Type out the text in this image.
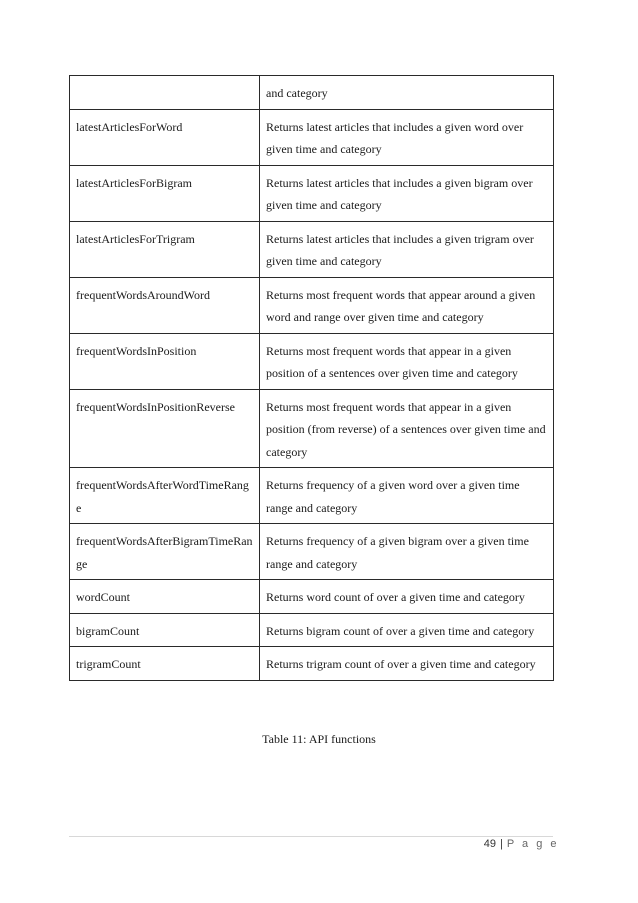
	and category
latestArticlesForWord	Returns latest articles that includes a given word over given time and category
latestArticlesForBigram	Returns latest articles that includes a given bigram over given time and category
latestArticlesForTrigram	Returns latest articles that includes a given trigram over given time and category
frequentWordsAroundWord	Returns most frequent words that appear around a given word and range over given time and category
frequentWordsInPosition	Returns most frequent words that appear in a given position of a sentences over given time and category
frequentWordsInPositionReverse	Returns most frequent words that appear in a given position (from reverse) of a sentences over given time and category
frequentWordsAfterWordTimeRange	Returns frequency of a given word over a given time range and category
frequentWordsAfterBigramTimeRange	Returns frequency of a given bigram over a given time range and category
wordCount	Returns word count of over a given time and category
bigramCount	Returns bigram count of over a given time and category
trigramCount	Returns trigram count of over a given time and category
Table 11: API functions
49 | P a g e
